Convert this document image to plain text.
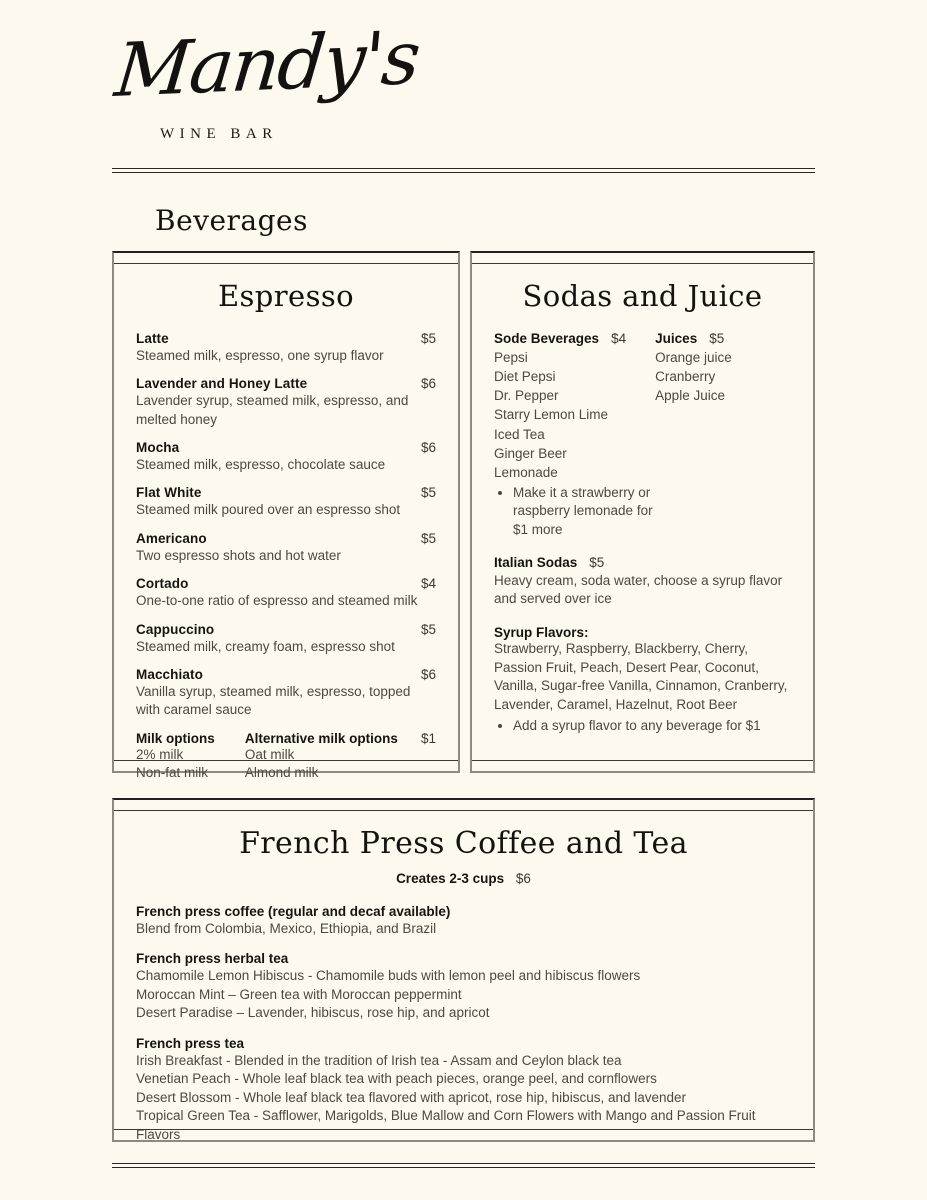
Mandy's
WINE BAR
Beverages
Espresso
Latte	$5
Steamed milk, espresso, one syrup flavor
Lavender and Honey Latte	$6
Lavender syrup, steamed milk, espresso, and melted honey
Mocha	$6
Steamed milk, espresso, chocolate sauce
Flat White	$5
Steamed milk poured over an espresso shot
Americano	$5
Two espresso shots and hot water
Cortado	$4
One-to-one ratio of espresso and steamed milk
Cappuccino	$5
Steamed milk, creamy foam, espresso shot
Macchiato	$6
Vanilla syrup, steamed milk, espresso, topped with caramel sauce
Milk options
2% milk
Non-fat milk
Alternative milk options
Oat milk
Almond milk
$1
Sodas and Juice
Sode Beverages $4
Pepsi
Diet Pepsi
Dr. Pepper
Starry Lemon Lime
Iced Tea
Ginger Beer
Lemonade
• Make it a strawberry or raspberry lemonade for $1 more
Juices $5
Orange juice
Cranberry
Apple Juice
Italian Sodas $5
Heavy cream, soda water, choose a syrup flavor and served over ice
Syrup Flavors:
Strawberry, Raspberry, Blackberry, Cherry, Passion Fruit, Peach, Desert Pear, Coconut, Vanilla, Sugar-free Vanilla, Cinnamon, Cranberry, Lavender, Caramel, Hazelnut, Root Beer
• Add a syrup flavor to any beverage for $1
French Press Coffee and Tea
Creates 2-3 cups $6
French press coffee (regular and decaf available)
Blend from Colombia, Mexico, Ethiopia, and Brazil
French press herbal tea
Chamomile Lemon Hibiscus - Chamomile buds with lemon peel and hibiscus flowers
Moroccan Mint – Green tea with Moroccan peppermint
Desert Paradise – Lavender, hibiscus, rose hip, and apricot
French press tea
Irish Breakfast - Blended in the tradition of Irish tea - Assam and Ceylon black tea
Venetian Peach - Whole leaf black tea with peach pieces, orange peel, and cornflowers
Desert Blossom - Whole leaf black tea flavored with apricot, rose hip, hibiscus, and lavender
Tropical Green Tea - Safflower, Marigolds, Blue Mallow and Corn Flowers with Mango and Passion Fruit Flavors
